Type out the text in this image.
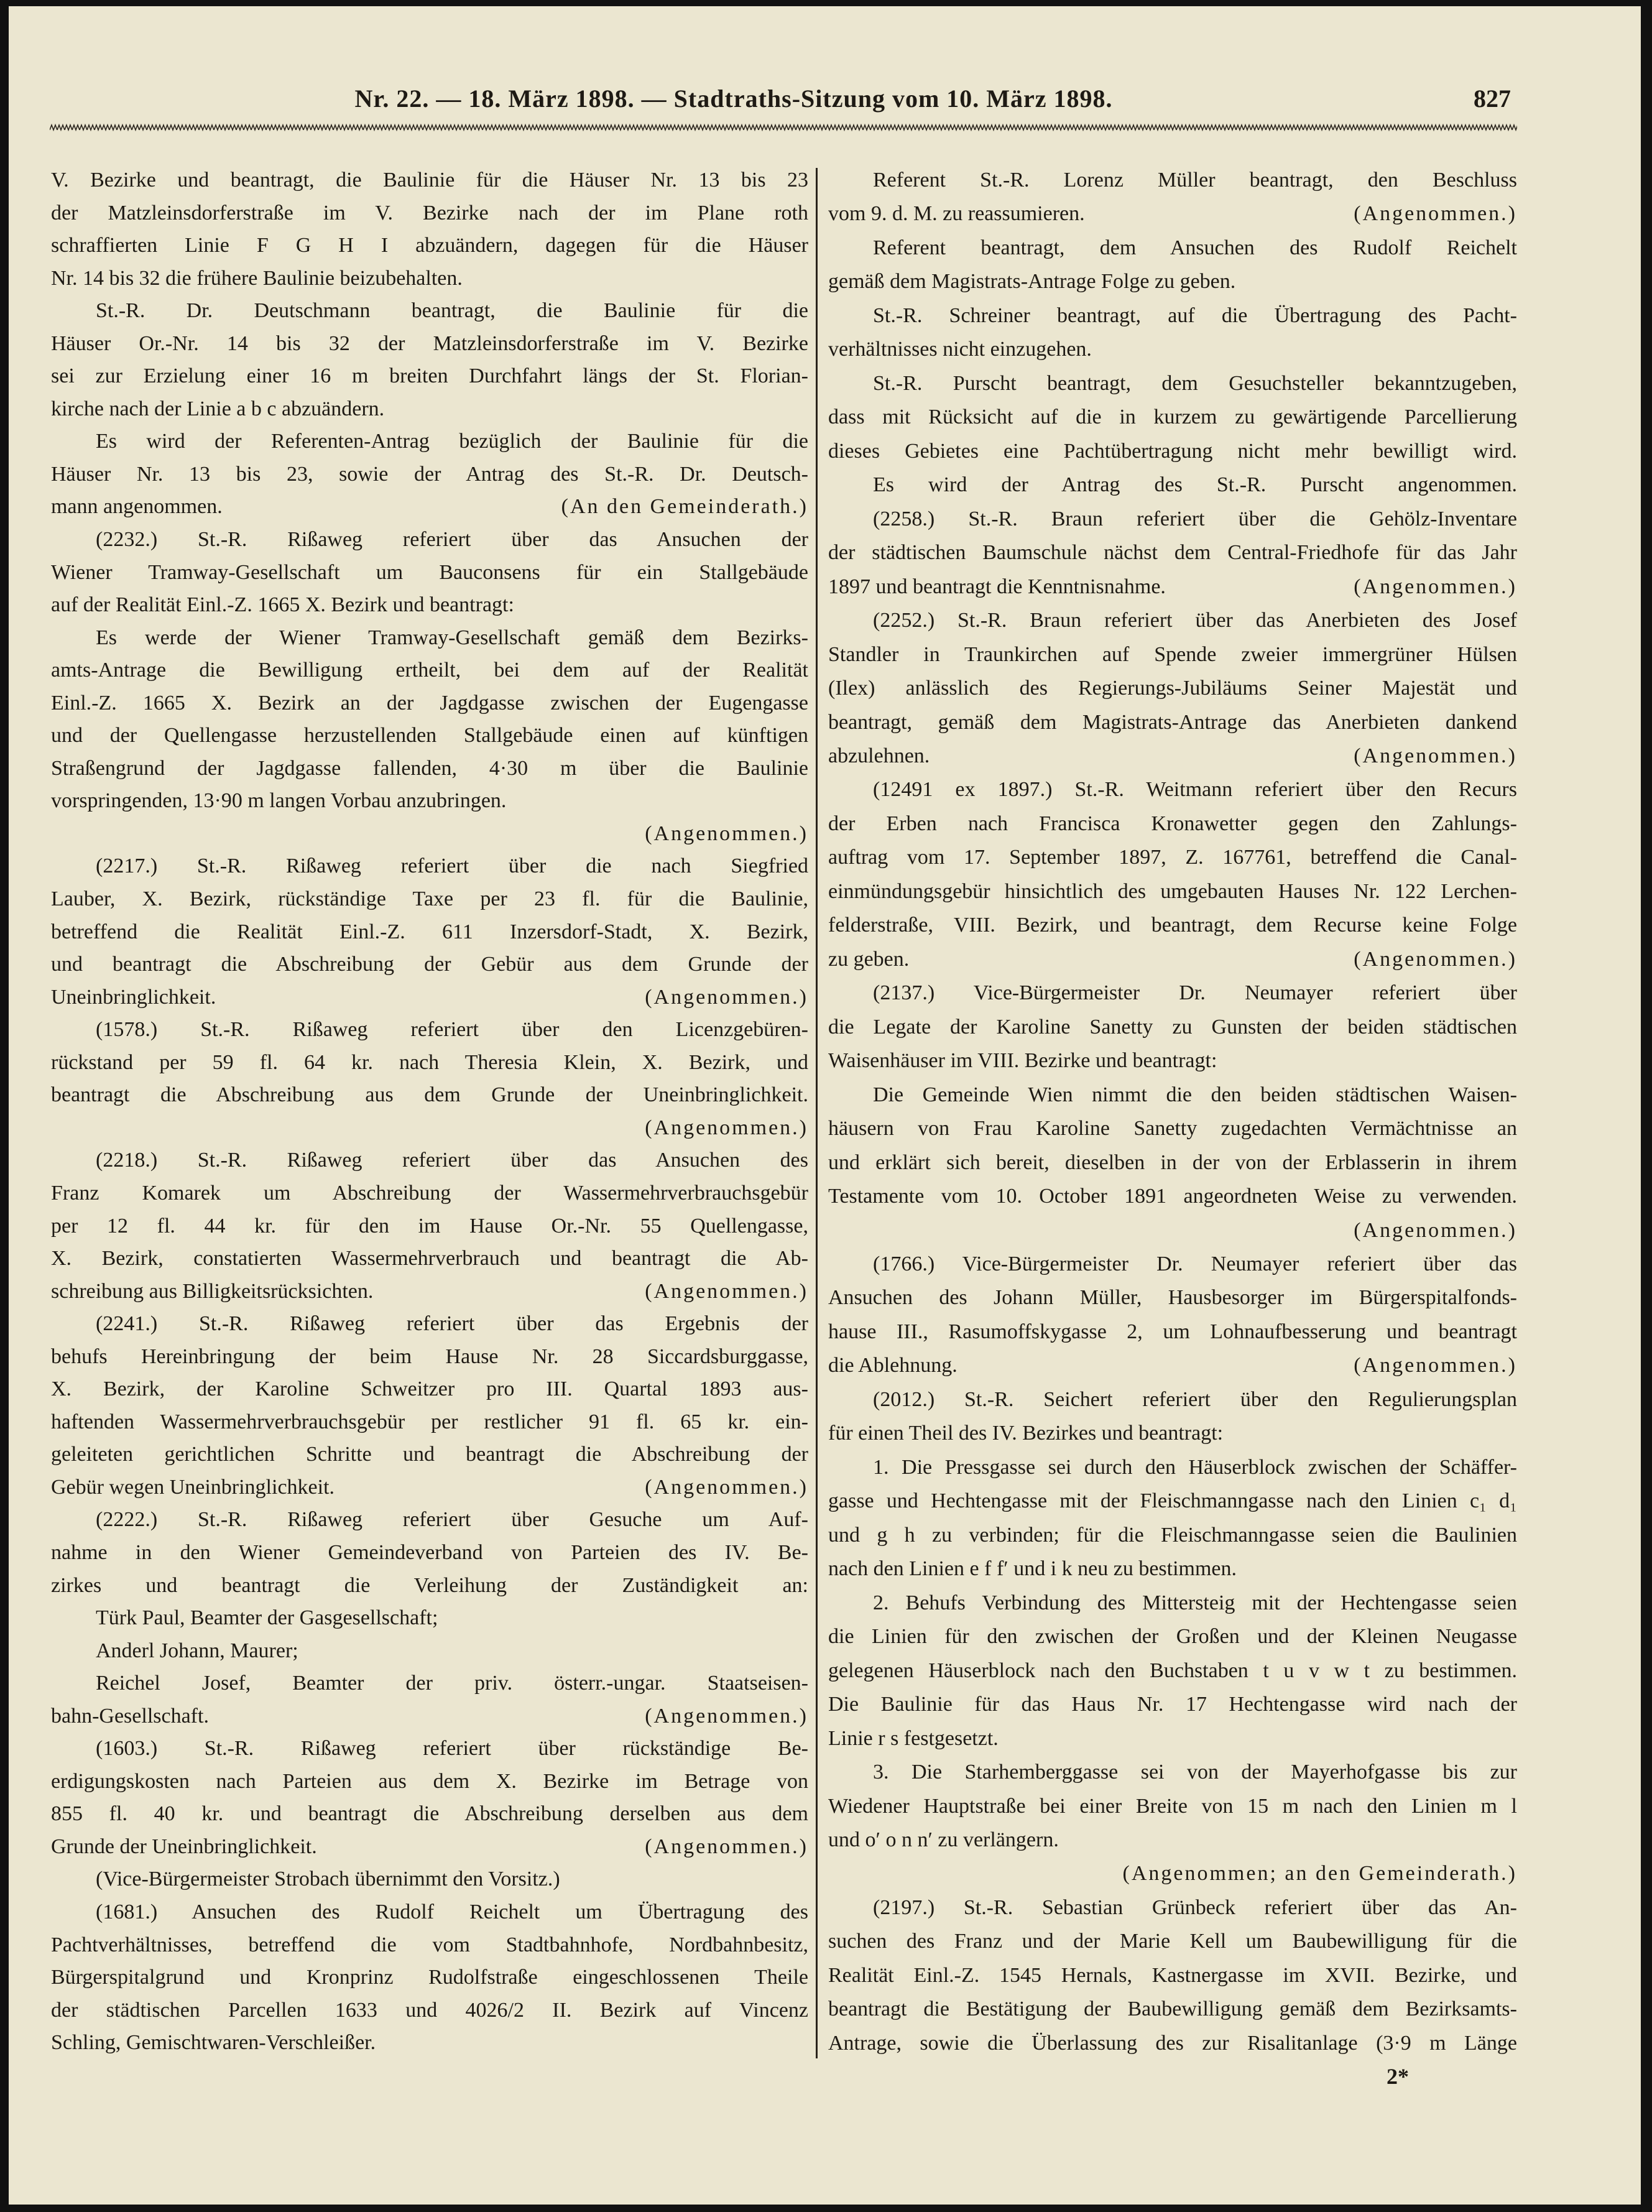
Nr. 22. — 18. März 1898. — Stadtraths-Sitzung vom 10. März 1898.	827
V. Bezirke und beantragt, die Baulinie für die Häuser Nr. 13 bis 23
der Matzleinsdorferstraße im V. Bezirke nach der im Plane roth
schraffierten Linie F G H I abzuändern, dagegen für die Häuser
Nr. 14 bis 32 die frühere Baulinie beizubehalten.
St.-R. Dr. Deutschmann beantragt, die Baulinie für die
Häuser Or.-Nr. 14 bis 32 der Matzleinsdorferstraße im V. Bezirke
sei zur Erzielung einer 16 m breiten Durchfahrt längs der St. Florian-
kirche nach der Linie a b c abzuändern.
Es wird der Referenten-Antrag bezüglich der Baulinie für die
Häuser Nr. 13 bis 23, sowie der Antrag des St.-R. Dr. Deutsch-
mann angenommen.	(An den Gemeinderath.)
(2232.) St.-R. Rißaweg referiert über das Ansuchen der
Wiener Tramway-Gesellschaft um Bauconsens für ein Stallgebäude
auf der Realität Einl.-Z. 1665 X. Bezirk und beantragt:
Es werde der Wiener Tramway-Gesellschaft gemäß dem Bezirks-
amts-Antrage die Bewilligung ertheilt, bei dem auf der Realität
Einl.-Z. 1665 X. Bezirk an der Jagdgasse zwischen der Eugengasse
und der Quellengasse herzustellenden Stallgebäude einen auf künftigen
Straßengrund der Jagdgasse fallenden, 4·30 m über die Baulinie
vorspringenden, 13·90 m langen Vorbau anzubringen.
(Angenommen.)
(2217.) St.-R. Rißaweg referiert über die nach Siegfried
Lauber, X. Bezirk, rückständige Taxe per 23 fl. für die Baulinie,
betreffend die Realität Einl.-Z. 611 Inzersdorf-Stadt, X. Bezirk,
und beantragt die Abschreibung der Gebür aus dem Grunde der
Uneinbringlichkeit.	(Angenommen.)
(1578.) St.-R. Rißaweg referiert über den Licenzgebüren-
rückstand per 59 fl. 64 kr. nach Theresia Klein, X. Bezirk, und
beantragt die Abschreibung aus dem Grunde der Uneinbringlichkeit.
(Angenommen.)
(2218.) St.-R. Rißaweg referiert über das Ansuchen des
Franz Komarek um Abschreibung der Wassermehrverbrauchsgebür
per 12 fl. 44 kr. für den im Hause Or.-Nr. 55 Quellengasse,
X. Bezirk, constatierten Wassermehrverbrauch und beantragt die Ab-
schreibung aus Billigkeitsrücksichten.	(Angenommen.)
(2241.) St.-R. Rißaweg referiert über das Ergebnis der
behufs Hereinbringung der beim Hause Nr. 28 Siccardsburggasse,
X. Bezirk, der Karoline Schweitzer pro III. Quartal 1893 aus-
haftenden Wassermehrverbrauchsgebür per restlicher 91 fl. 65 kr. ein-
geleiteten gerichtlichen Schritte und beantragt die Abschreibung der
Gebür wegen Uneinbringlichkeit.	(Angenommen.)
(2222.) St.-R. Rißaweg referiert über Gesuche um Auf-
nahme in den Wiener Gemeindeverband von Parteien des IV. Be-
zirkes und beantragt die Verleihung der Zuständigkeit an:
Türk Paul, Beamter der Gasgesellschaft;
Anderl Johann, Maurer;
Reichel Josef, Beamter der priv. österr.-ungar. Staatseisen-
bahn-Gesellschaft.	(Angenommen.)
(1603.) St.-R. Rißaweg referiert über rückständige Be-
erdigungskosten nach Parteien aus dem X. Bezirke im Betrage von
855 fl. 40 kr. und beantragt die Abschreibung derselben aus dem
Grunde der Uneinbringlichkeit.	(Angenommen.)
(Vice-Bürgermeister Strobach übernimmt den Vorsitz.)
(1681.) Ansuchen des Rudolf Reichelt um Übertragung des
Pachtverhältnisses, betreffend die vom Stadtbahnhofe, Nordbahnbesitz,
Bürgerspitalgrund und Kronprinz Rudolfstraße eingeschlossenen Theile
der städtischen Parcellen 1633 und 4026/2 II. Bezirk auf Vincenz
Schling, Gemischtwaren-Verschleißer.
Referent St.-R. Lorenz Müller beantragt, den Beschluss
vom 9. d. M. zu reassumieren.	(Angenommen.)
Referent beantragt, dem Ansuchen des Rudolf Reichelt
gemäß dem Magistrats-Antrage Folge zu geben.
St.-R. Schreiner beantragt, auf die Übertragung des Pacht-
verhältnisses nicht einzugehen.
St.-R. Purscht beantragt, dem Gesuchsteller bekanntzugeben,
dass mit Rücksicht auf die in kurzem zu gewärtigende Parcellierung
dieses Gebietes eine Pachtübertragung nicht mehr bewilligt wird.
Es wird der Antrag des St.-R. Purscht angenommen.
(2258.) St.-R. Braun referiert über die Gehölz-Inventare
der städtischen Baumschule nächst dem Central-Friedhofe für das Jahr
1897 und beantragt die Kenntnisnahme.	(Angenommen.)
(2252.) St.-R. Braun referiert über das Anerbieten des Josef
Standler in Traunkirchen auf Spende zweier immergrüner Hülsen
(Ilex) anlässlich des Regierungs-Jubiläums Seiner Majestät und
beantragt, gemäß dem Magistrats-Antrage das Anerbieten dankend
abzulehnen.	(Angenommen.)
(12491 ex 1897.) St.-R. Weitmann referiert über den Recurs
der Erben nach Francisca Kronawetter gegen den Zahlungs-
auftrag vom 17. September 1897, Z. 167761, betreffend die Canal-
einmündungsgebür hinsichtlich des umgebauten Hauses Nr. 122 Lerchen-
felderstraße, VIII. Bezirk, und beantragt, dem Recurse keine Folge
zu geben.	(Angenommen.)
(2137.) Vice-Bürgermeister Dr. Neumayer referiert über
die Legate der Karoline Sanetty zu Gunsten der beiden städtischen
Waisenhäuser im VIII. Bezirke und beantragt:
Die Gemeinde Wien nimmt die den beiden städtischen Waisen-
häusern von Frau Karoline Sanetty zugedachten Vermächtnisse an
und erklärt sich bereit, dieselben in der von der Erblasserin in ihrem
Testamente vom 10. October 1891 angeordneten Weise zu verwenden.
(Angenommen.)
(1766.) Vice-Bürgermeister Dr. Neumayer referiert über das
Ansuchen des Johann Müller, Hausbesorger im Bürgerspitalfonds-
hause III., Rasumoffskygasse 2, um Lohnaufbesserung und beantragt
die Ablehnung.	(Angenommen.)
(2012.) St.-R. Seichert referiert über den Regulierungsplan
für einen Theil des IV. Bezirkes und beantragt:
1. Die Pressgasse sei durch den Häuserblock zwischen der Schäffer-
gasse und Hechtengasse mit der Fleischmanngasse nach den Linien c₁ d₁
und g h zu verbinden; für die Fleischmanngasse seien die Baulinien
nach den Linien e f f′ und i k neu zu bestimmen.
2. Behufs Verbindung des Mittersteig mit der Hechtengasse seien
die Linien für den zwischen der Großen und der Kleinen Neugasse
gelegenen Häuserblock nach den Buchstaben t u v w t zu bestimmen.
Die Baulinie für das Haus Nr. 17 Hechtengasse wird nach der
Linie r s festgesetzt.
3. Die Starhemberggasse sei von der Mayerhofgasse bis zur
Wiedener Hauptstraße bei einer Breite von 15 m nach den Linien m l
und o′ o n n′ zu verlängern.
(Angenommen; an den Gemeinderath.)
(2197.) St.-R. Sebastian Grünbeck referiert über das An-
suchen des Franz und der Marie Kell um Baubewilligung für die
Realität Einl.-Z. 1545 Hernals, Kastnergasse im XVII. Bezirke, und
beantragt die Bestätigung der Baubewilligung gemäß dem Bezirksamts-
Antrage, sowie die Überlassung des zur Risalitanlage (3·9 m Länge
2*
